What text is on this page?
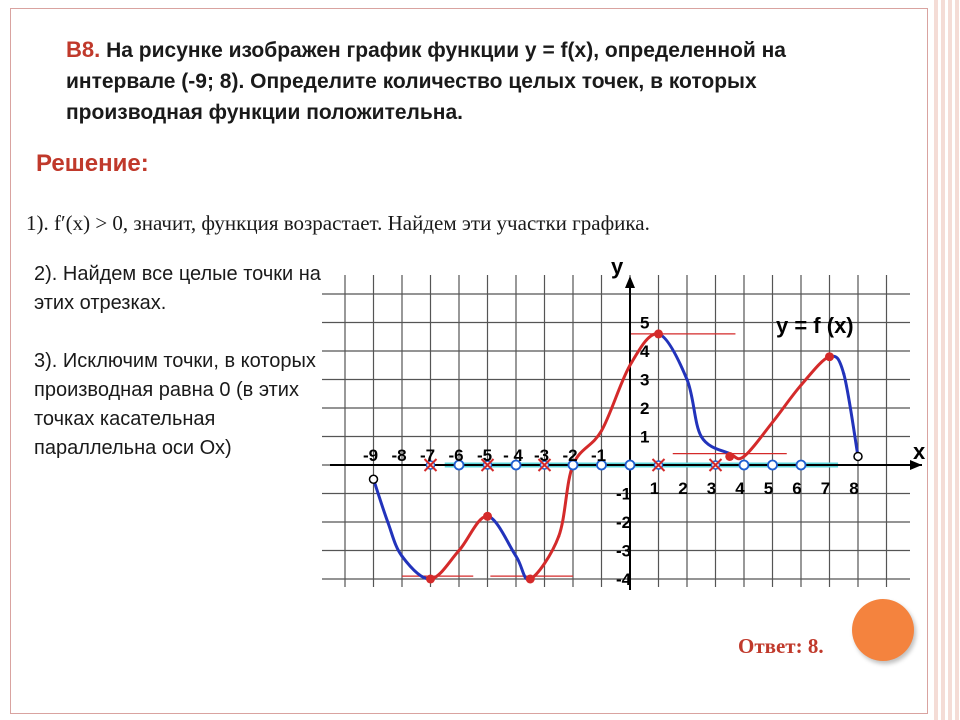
В8. На рисунке изображен график функции y = f(x), определенной на
интервале (-9; 8). Определите количество целых точек, в которых
производная функции положительна.
Решение:
1). f′(x) > 0, значит, функция возрастает. Найдем эти участки графика.
2). Найдем все целые точки на этих отрезках.
3). Исключим точки, в которых производная равна 0 (в этих точках касательная параллельна оси Ох)	x
y
y = f (x)
-9 -8 -7 -6 -5 - 4 -3 -2 -1
1 2 3 4 5 6 7 8
5
4
3
2
1
-1
-2
-3
-4
Ответ: 8.
